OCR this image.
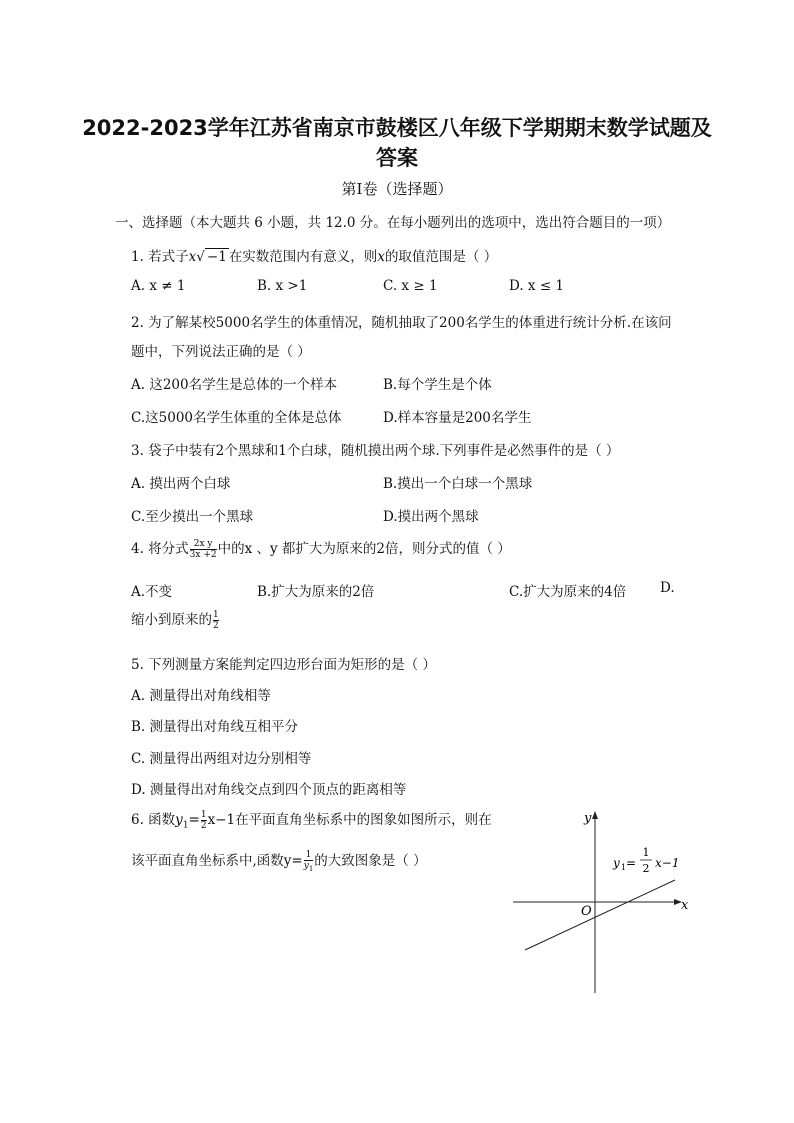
2022-2023学年江苏省南京市鼓楼区八年级下学期期末数学试题及
答案
第Ⅰ卷（选择题）
一、选择题（本大题共 6 小题，共 12.0 分。在每小题列出的选项中，选出符合题目的一项）
1. 若式子x√ −1 在实数范围内有意义，则x的取值范围是（ ）
A. x ≠ 1	B. x >1	C. x ≥ 1	D. x ≤ 1
2. 为了解某校5000名学生的体重情况，随机抽取了200名学生的体重进行统计分析.在该问
题中，下列说法正确的是（ ）
A. 这200名学生是总体的一个样本	B.每个学生是个体
C.这5000名学生体重的全体是总体	D.样本容量是200名学生
3. 袋子中装有2个黑球和1个白球，随机摸出两个球.下列事件是必然事件的是（ ）
A. 摸出两个白球	B.摸出一个白球一个黑球
C.至少摸出一个黑球	D.摸出两个黑球
4. 将分式 $\frac{\text{2x y}}{3x +2}$ 中的x 、y 都扩大为原来的2倍，则分式的值（ ）
A.不变	B.扩大为原来的2倍	C.扩大为原来的4倍	D.
缩小到原来的 $\frac{1}{2}$
5. 下列测量方案能判定四边形台面为矩形的是（ ）
A. 测量得出对角线相等
B. 测量得出对角线互相平分
C. 测量得出两组对边分别相等
D. 测量得出对角线交点到四个顶点的距离相等
6. 函数$y_1= \frac{1}{2} x-1$在平面直角坐标系中的图象如图所示，则在
该平面直角坐标系中,函数$y= \frac{1}{y_1}$ 的大致图象是（ ）
y
x
O
y 1 =
1
2 x−1
